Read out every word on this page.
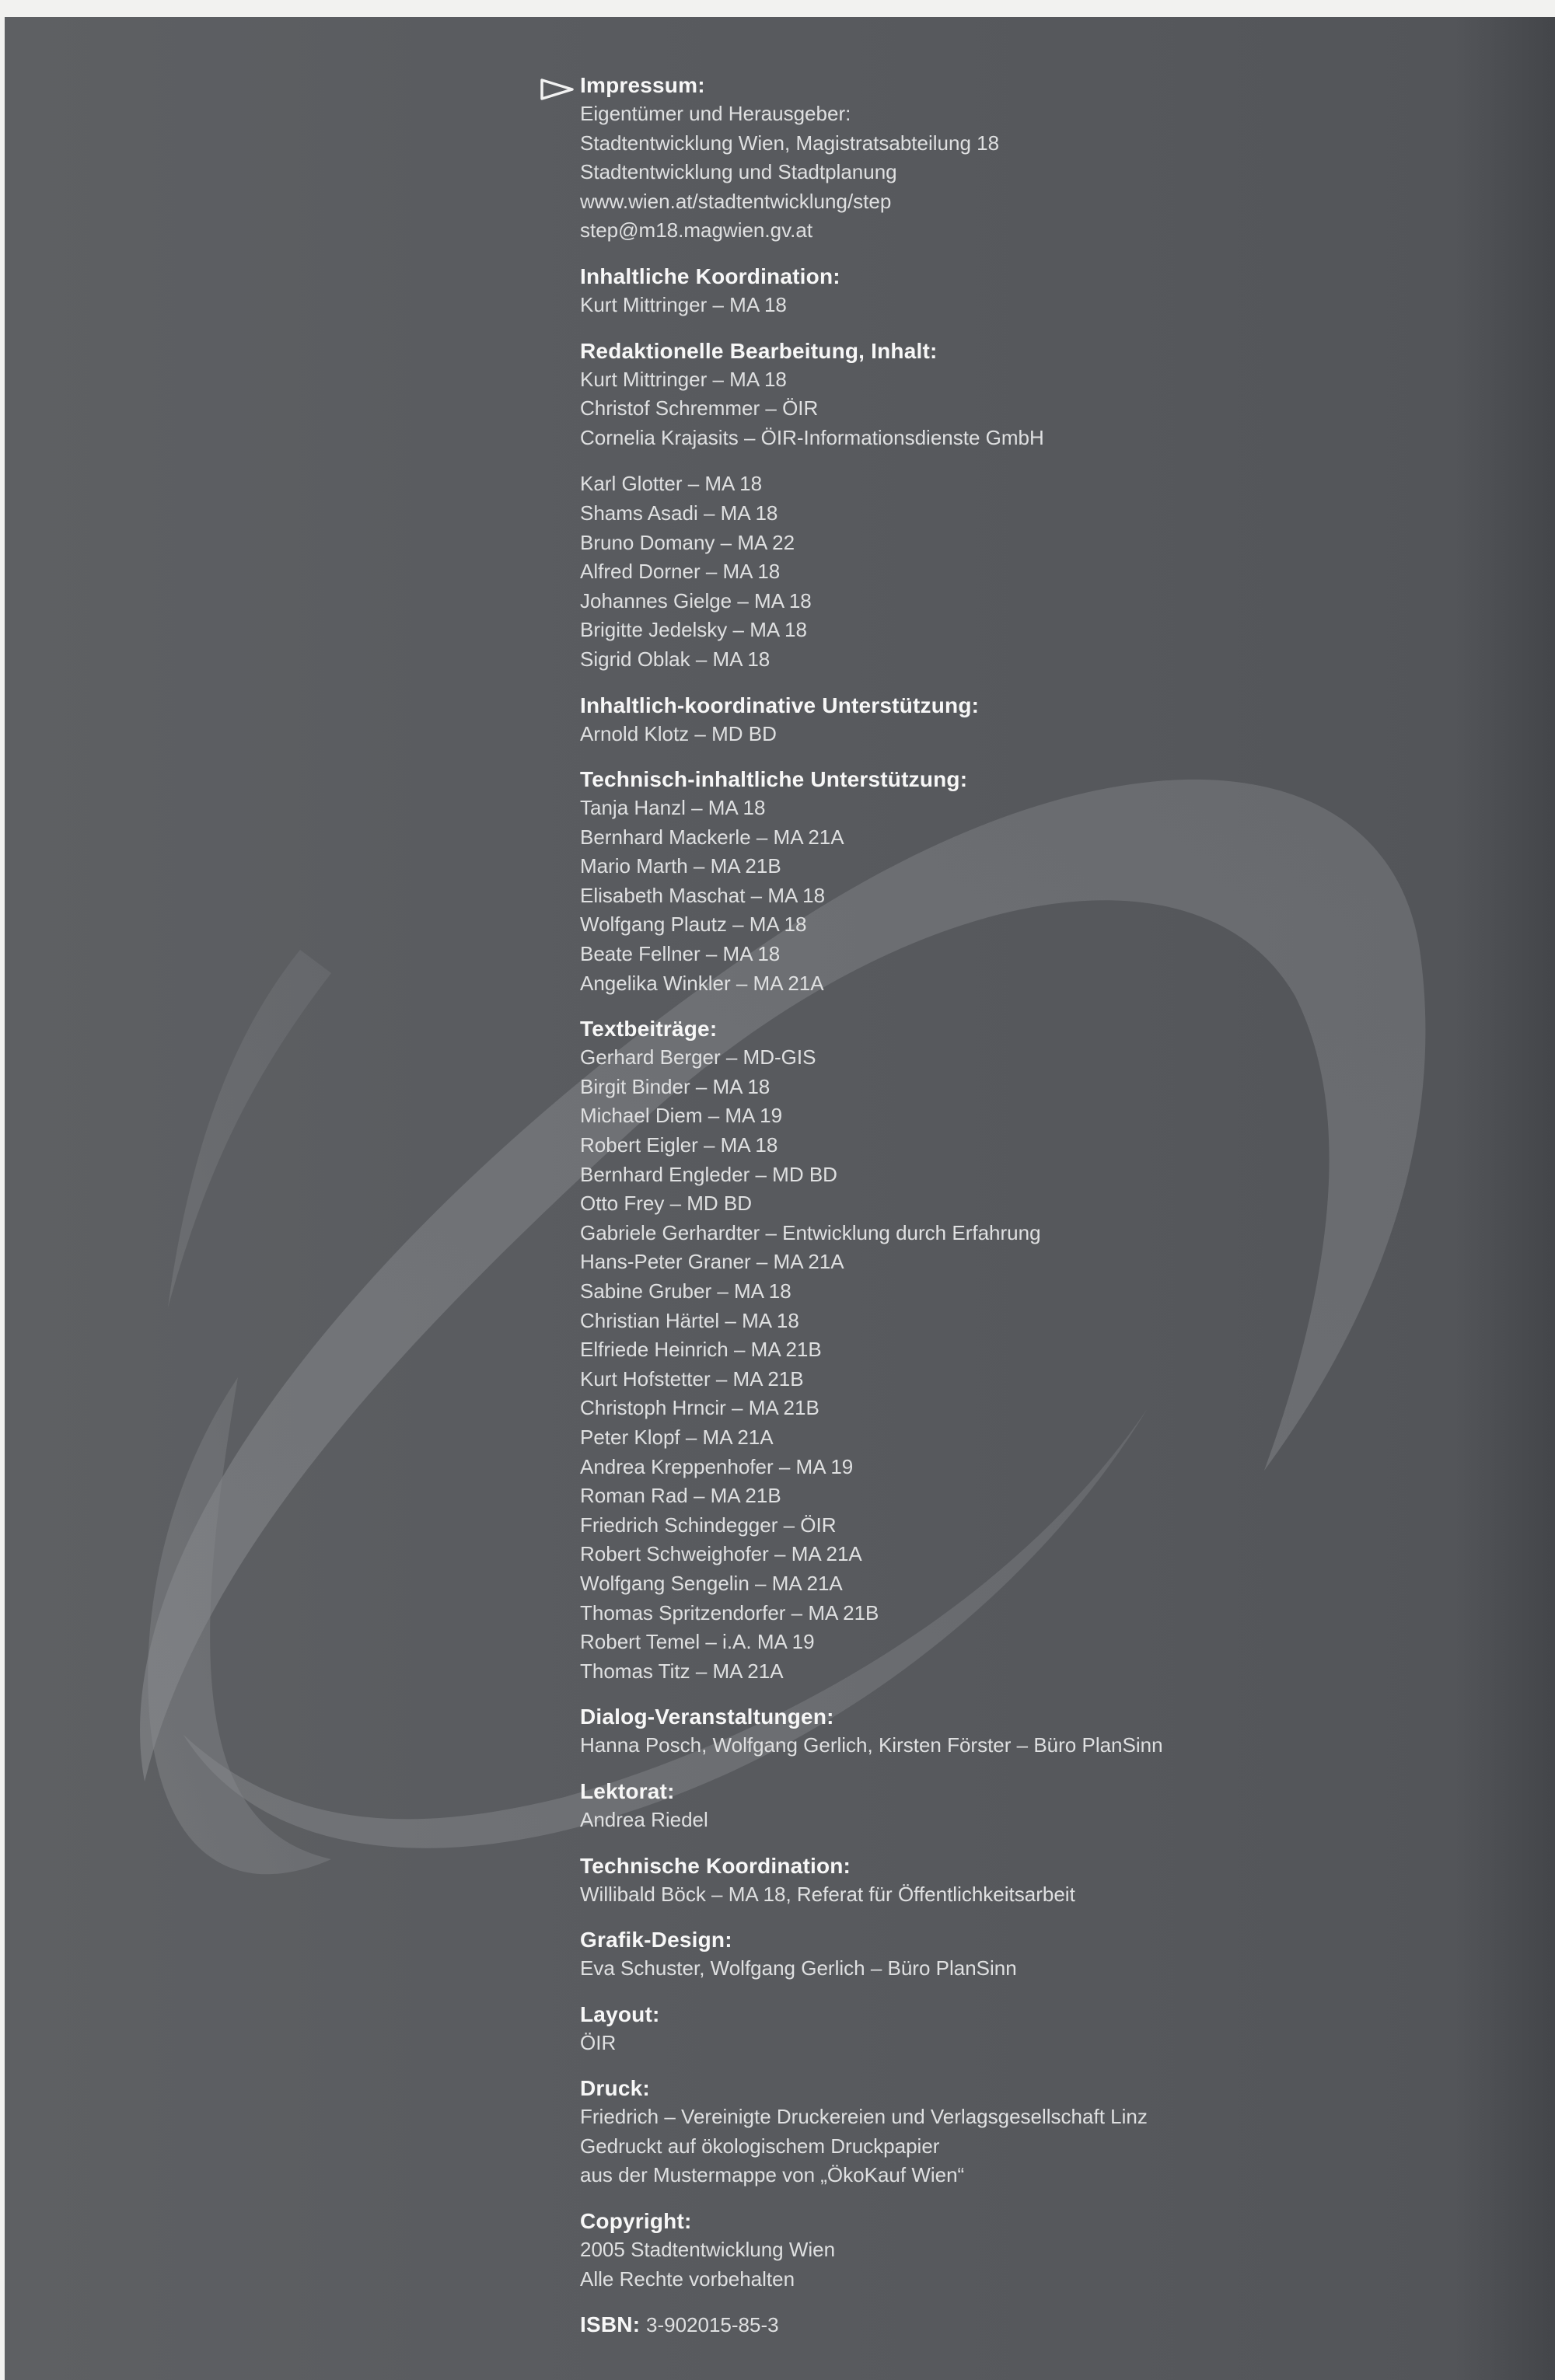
Impressum:
Eigentümer und Herausgeber:
Stadtentwicklung Wien, Magistratsabteilung 18
Stadtentwicklung und Stadtplanung
www.wien.at/stadtentwicklung/step
step@m18.magwien.gv.at
Inhaltliche Koordination:
Kurt Mittringer – MA 18
Redaktionelle Bearbeitung, Inhalt:
Kurt Mittringer – MA 18
Christof Schremmer – ÖIR
Cornelia Krajasits – ÖIR-Informationsdienste GmbH
Karl Glotter – MA 18
Shams Asadi – MA 18
Bruno Domany – MA 22
Alfred Dorner – MA 18
Johannes Gielge – MA 18
Brigitte Jedelsky – MA 18
Sigrid Oblak – MA 18
Inhaltlich-koordinative Unterstützung:
Arnold Klotz – MD BD
Technisch-inhaltliche Unterstützung:
Tanja Hanzl – MA 18
Bernhard Mackerle – MA 21A
Mario Marth – MA 21B
Elisabeth Maschat – MA 18
Wolfgang Plautz – MA 18
Beate Fellner – MA 18
Angelika Winkler – MA 21A
Textbeiträge:
Gerhard Berger – MD-GIS
Birgit Binder – MA 18
Michael Diem – MA 19
Robert Eigler – MA 18
Bernhard Engleder – MD BD
Otto Frey – MD BD
Gabriele Gerhardter – Entwicklung durch Erfahrung
Hans-Peter Graner – MA 21A
Sabine Gruber – MA 18
Christian Härtel – MA 18
Elfriede Heinrich – MA 21B
Kurt Hofstetter – MA 21B
Christoph Hrncir – MA 21B
Peter Klopf – MA 21A
Andrea Kreppenhofer – MA 19
Roman Rad – MA 21B
Friedrich Schindegger – ÖIR
Robert Schweighofer – MA 21A
Wolfgang Sengelin – MA 21A
Thomas Spritzendorfer – MA 21B
Robert Temel – i.A. MA 19
Thomas Titz – MA 21A
Dialog-Veranstaltungen:
Hanna Posch, Wolfgang Gerlich, Kirsten Förster – Büro PlanSinn
Lektorat:
Andrea Riedel
Technische Koordination:
Willibald Böck – MA 18, Referat für Öffentlichkeitsarbeit
Grafik-Design:
Eva Schuster, Wolfgang Gerlich – Büro PlanSinn
Layout:
ÖIR
Druck:
Friedrich – Vereinigte Druckereien und Verlagsgesellschaft Linz
Gedruckt auf ökologischem Druckpapier
aus der Mustermappe von „ÖkoKauf Wien“
Copyright:
2005 Stadtentwicklung Wien
Alle Rechte vorbehalten
ISBN: 3-902015-85-3
